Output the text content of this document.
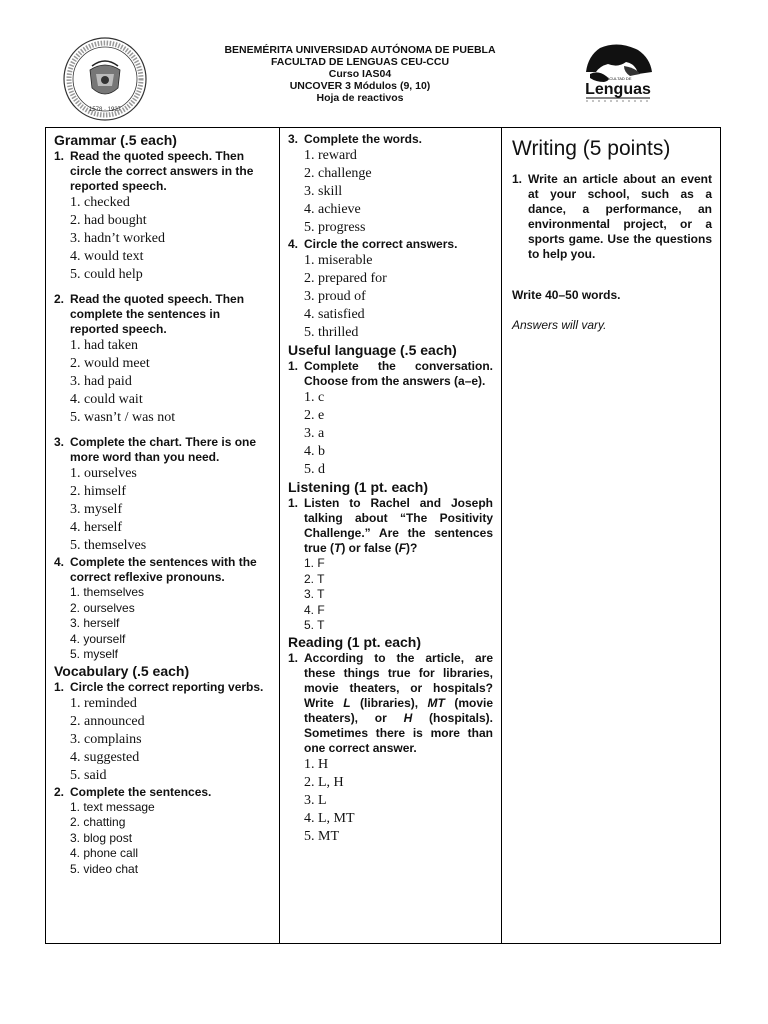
1578 · 1937
BENEMÉRITA UNIVERSIDAD AUTÓNOMA DE PUEBLA
FACULTAD DE LENGUAS CEU-CCU
Curso IAS04
UNCOVER 3 Módulos (9, 10)
Hoja de reactivos
FACULTAD DE
Lenguas

Grammar (.5 each)

1. Read the quoted speech. Then circle the correct answers in the reported speech.
1. checked
2. had bought
3. hadn’t worked
4. would text
5. could help
2. Read the quoted speech. Then complete the sentences in reported speech.
1. had taken
2. would meet
3. had paid
4. could wait
5. wasn’t / was not
3. Complete the chart. There is one more word than you need.
1. ourselves
2. himself
3. myself
4. herself
5. themselves
4. Complete the sentences with the correct reflexive pronouns.
1. themselves
2. ourselves
3. herself
4. yourself
5. myself

Vocabulary (.5 each)

1. Circle the correct reporting verbs.
1. reminded
2. announced
3. complains
4. suggested
5. said
2. Complete the sentences.
1. text message
2. chatting
3. blog post
4. phone call
5. video chat
3. Complete the words.
1. reward
2. challenge
3. skill
4. achieve
5. progress
4. Circle the correct answers.
1. miserable
2. prepared for
3. proud of
4. satisfied
5. thrilled

Useful language (.5 each)

1. Complete the conversation. Choose from the answers (a–e).
1. c
2. e
3. a
4. b
5. d

Listening (1 pt. each)

1. Listen to Rachel and Joseph talking about “The Positivity Challenge.” Are the sentences true (T) or false (F)?
1. F
2. T
3. T
4. F
5. T

Reading (1 pt. each)

1. According to the article, are these things true for libraries, movie theaters, or hospitals? Write L (libraries), MT (movie theaters), or H (hospitals). Sometimes there is more than one correct answer.
1. H
2. L, H
3. L
4. L, MT
5. MT

Writing (5 points)

1. Write an article about an event at your school, such as a dance, a performance, an environmental project, or a sports game. Use the questions to help you.

Write 40–50 words.

Answers will vary.
